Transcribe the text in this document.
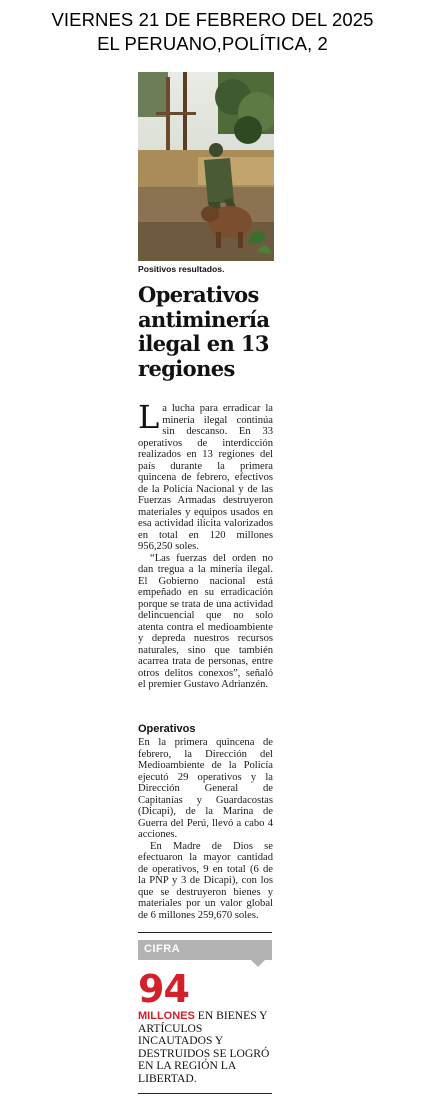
VIERNES 21 DE FEBRERO DEL 2025
EL PERUANO,POLÍTICA, 2
Positivos resultados.
Operativos antiminería ilegal en 13 regiones

La lucha para erradicar la minería ilegal continúa sin descanso. En 33 operativos de interdicción realizados en 13 regiones del país durante la primera quincena de febrero, efectivos de la Policía Nacional y de las Fuerzas Armadas destruyeron materiales y equipos usados en esa actividad ilícita valorizados en total en 120 millones 956,250 soles.

“Las fuerzas del orden no dan tregua a la minería ilegal. El Gobierno nacional está empeñado en su erradicación porque se trata de una actividad delincuencial que no solo atenta contra el medioambiente y depreda nuestros recursos naturales, sino que también acarrea trata de personas, entre otros delitos conexos”, señaló el premier Gustavo Adrianzén.

Operativos

En la primera quincena de febrero, la Dirección del Medioambiente de la Policía ejecutó 29 operativos y la Dirección General de Capitanías y Guardacostas (Dicapi), de la Marina de Guerra del Perú, llevó a cabo 4 acciones.

En Madre de Dios se efectuaron la mayor cantidad de operativos, 9 en total (6 de la PNP y 3 de Dicapi), con los que se destruyeron bienes y materiales por un valor global de 6 millones 259,670 soles.

CIFRA
94
MILLONES EN BIENES Y ARTÍCULOS INCAUTADOS Y DESTRUIDOS SE LOGRÓ EN LA REGIÓN LA LIBERTAD.
